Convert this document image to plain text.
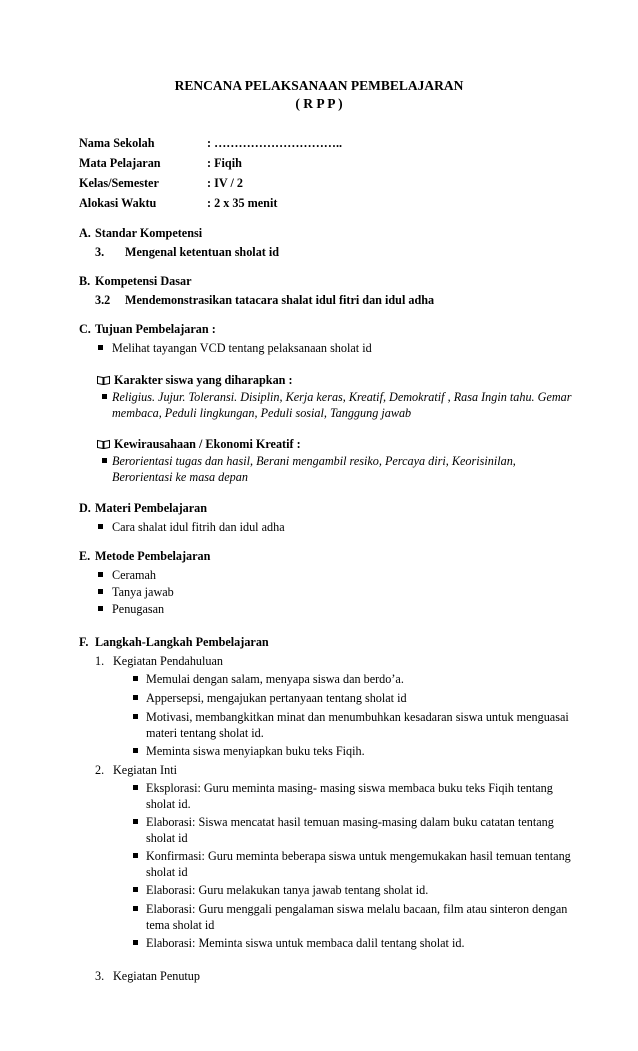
RENCANA PELAKSANAAN PEMBELAJARAN
( R P P )
Nama Sekolah	: …………………………..
Mata Pelajaran	: Fiqih
Kelas/Semester	: IV / 2
Alokasi Waktu	: 2 x 35 menit
A. Standar Kompetensi
3.	Mengenal ketentuan sholat id
B. Kompetensi Dasar
3.2	Mendemonstrasikan tatacara shalat idul fitri dan idul adha
C. Tujuan Pembelajaran :
Melihat tayangan VCD tentang pelaksanaan sholat id
Karakter siswa yang diharapkan :
Religius. Jujur. Toleransi. Disiplin, Kerja keras, Kreatif, Demokratif , Rasa Ingin tahu. Gemar membaca, Peduli lingkungan, Peduli sosial, Tanggung jawab
Kewirausahaan / Ekonomi Kreatif :
Berorientasi tugas dan hasil, Berani mengambil resiko, Percaya diri, Keorisinilan, Berorientasi ke masa depan
D. Materi Pembelajaran
Cara shalat idul fitrih dan idul adha
E. Metode Pembelajaran
Ceramah
Tanya jawab
Penugasan
F. Langkah-Langkah Pembelajaran
1. Kegiatan Pendahuluan
Memulai dengan salam, menyapa siswa dan berdo’a.
Appersepsi, mengajukan pertanyaan tentang sholat id
Motivasi, membangkitkan minat dan menumbuhkan kesadaran siswa untuk menguasai materi tentang sholat id.
Meminta siswa menyiapkan buku teks Fiqih.
2. Kegiatan Inti
Eksplorasi: Guru meminta masing- masing siswa membaca buku teks Fiqih tentang sholat id.
Elaborasi: Siswa mencatat hasil temuan masing-masing dalam buku catatan tentang sholat id
Konfirmasi: Guru meminta beberapa siswa untuk mengemukakan hasil temuan tentang sholat id
Elaborasi: Guru melakukan tanya jawab tentang sholat id.
Elaborasi: Guru menggali pengalaman siswa melalu bacaan, film atau sinteron dengan tema sholat id
Elaborasi: Meminta siswa untuk membaca dalil tentang sholat id.
3. Kegiatan Penutup
